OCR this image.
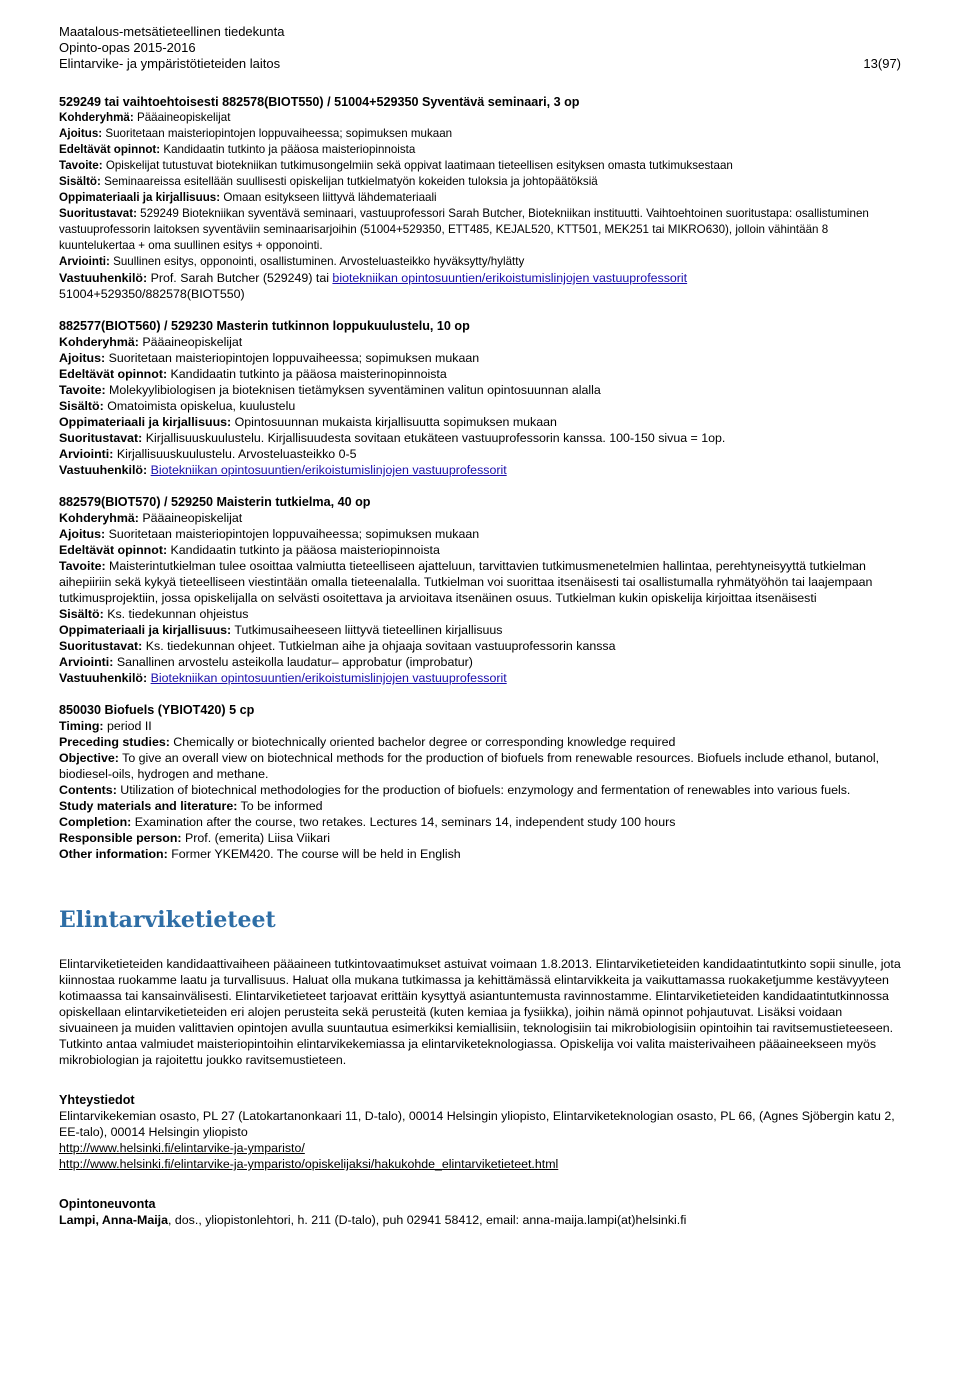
Maatalous-metsätieteellinen tiedekunta
Opinto-opas 2015-2016
Elintarvike- ja ympäristötieteiden laitos	13(97)

529249 tai vaihtoehtoisesti 882578(BIOT550) / 51004+529350 Syventävä seminaari, 3 op

Kohderyhmä: Pääaineopiskelijat

Ajoitus: Suoritetaan maisteriopintojen loppuvaiheessa; sopimuksen mukaan

Edeltävät opinnot: Kandidaatin tutkinto ja pääosa maisteriopinnoista

Tavoite: Opiskelijat tutustuvat biotekniikan tutkimusongelmiin sekä oppivat laatimaan tieteellisen esityksen omasta tutkimuksestaan

Sisältö: Seminaareissa esitellään suullisesti opiskelijan tutkielmatyön kokeiden tuloksia ja johtopäätöksiä

Oppimateriaali ja kirjallisuus: Omaan esitykseen liittyvä lähdemateriaali

Suoritustavat: 529249 Biotekniikan syventävä seminaari, vastuuprofessori Sarah Butcher, Biotekniikan instituutti. Vaihtoehtoinen suoritustapa: osallistuminen vastuuprofessorin laitoksen syventäviin seminaarisarjoihin (51004+529350, ETT485, KEJAL520, KTT501, MEK251 tai MIKRO630), jolloin vähintään 8 kuuntelukertaa + oma suullinen esitys + opponointi.

Arviointi: Suullinen esitys, opponointi, osallistuminen. Arvosteluasteikko hyväksytty/hylätty

Vastuuhenkilö: Prof. Sarah Butcher (529249) tai biotekniikan opintosuuntien/erikoistumislinjojen vastuuprofessorit

51004+529350/882578(BIOT550)

882577(BIOT560) / 529230 Masterin tutkinnon loppukuulustelu, 10 op

Kohderyhmä: Pääaineopiskelijat

Ajoitus: Suoritetaan maisteriopintojen loppuvaiheessa; sopimuksen mukaan

Edeltävät opinnot: Kandidaatin tutkinto ja pääosa maisterinopinnoista

Tavoite: Molekyylibiologisen ja bioteknisen tietämyksen syventäminen valitun opintosuunnan alalla

Sisältö: Omatoimista opiskelua, kuulustelu

Oppimateriaali ja kirjallisuus: Opintosuunnan mukaista kirjallisuutta sopimuksen mukaan

Suoritustavat: Kirjallisuuskuulustelu. Kirjallisuudesta sovitaan etukäteen vastuuprofessorin kanssa. 100-150 sivua = 1op.

Arviointi: Kirjallisuuskuulustelu. Arvosteluasteikko 0-5

Vastuuhenkilö: Biotekniikan opintosuuntien/erikoistumislinjojen vastuuprofessorit

882579(BIOT570) / 529250 Maisterin tutkielma, 40 op

Kohderyhmä: Pääaineopiskelijat

Ajoitus: Suoritetaan maisteriopintojen loppuvaiheessa; sopimuksen mukaan

Edeltävät opinnot: Kandidaatin tutkinto ja pääosa maisteriopinnoista

Tavoite: Maisterintutkielman tulee osoittaa valmiutta tieteelliseen ajatteluun, tarvittavien tutkimusmenetelmien hallintaa, perehtyneisyyttä tutkielman aihepiiriin sekä kykyä tieteelliseen viestintään omalla tieteenalalla. Tutkielman voi suorittaa itsenäisesti tai osallistumalla ryhmätyöhön tai laajempaan tutkimusprojektiin, jossa opiskelijalla on selvästi osoitettava ja arvioitava itsenäinen osuus. Tutkielman kukin opiskelija kirjoittaa itsenäisesti

Sisältö: Ks. tiedekunnan ohjeistus

Oppimateriaali ja kirjallisuus: Tutkimusaiheeseen liittyvä tieteellinen kirjallisuus

Suoritustavat: Ks. tiedekunnan ohjeet. Tutkielman aihe ja ohjaaja sovitaan vastuuprofessorin kanssa

Arviointi: Sanallinen arvostelu asteikolla laudatur– approbatur (improbatur)

Vastuuhenkilö: Biotekniikan opintosuuntien/erikoistumislinjojen vastuuprofessorit

850030 Biofuels (YBIOT420) 5 cp

Timing: period II

Preceding studies: Chemically or biotechnically oriented bachelor degree or corresponding knowledge required

Objective: To give an overall view on biotechnical methods for the production of biofuels from renewable resources. Biofuels include ethanol, butanol, biodiesel-oils, hydrogen and methane.

Contents: Utilization of biotechnical methodologies for the production of biofuels: enzymology and fermentation of renewables into various fuels.

Study materials and literature: To be informed

Completion: Examination after the course, two retakes. Lectures 14, seminars 14, independent study 100 hours

Responsible person: Prof. (emerita) Liisa Viikari

Other information: Former YKEM420. The course will be held in English

Elintarviketieteet

Elintarviketieteiden kandidaattivaiheen pääaineen tutkintovaatimukset astuivat voimaan 1.8.2013. Elintarviketieteiden kandidaatintutkinto sopii sinulle, jota kiinnostaa ruokamme laatu ja turvallisuus. Haluat olla mukana tutkimassa ja kehittämässä elintarvikkeita ja vaikuttamassa ruokaketjumme kestävyyteen kotimaassa tai kansainvälisesti. Elintarviketieteet tarjoavat erittäin kysyttyä asiantuntemusta ravinnostamme. Elintarviketieteiden kandidaatintutkinnossa opiskellaan elintarviketieteiden eri alojen perusteita sekä perusteitä (kuten kemiaa ja fysiikka), joihin nämä opinnot pohjautuvat. Lisäksi voidaan sivuaineen ja muiden valittavien opintojen avulla suuntautua esimerkiksi kemiallisiin, teknologisiin tai mikrobiologisiin opintoihin tai ravitsemustieteeseen. Tutkinto antaa valmiudet maisteriopintoihin elintarvikekemiassa ja elintarviketeknologiassa. Opiskelija voi valita maisterivaiheen pääaineekseen myös mikrobiologian ja rajoitettu joukko ravitsemustieteen.

Yhteystiedot

Elintarvikekemian osasto, PL 27 (Latokartanonkaari 11, D-talo), 00014 Helsingin yliopisto, Elintarviketeknologian osasto, PL 66, (Agnes Sjöbergin katu 2, EE-talo), 00014 Helsingin yliopisto

http://www.helsinki.fi/elintarvike-ja-ymparisto/

http://www.helsinki.fi/elintarvike-ja-ymparisto/opiskelijaksi/hakukohde_elintarviketieteet.html

Opintoneuvonta

Lampi, Anna-Maija, dos., yliopistonlehtori, h. 211 (D-talo), puh 02941 58412, email: anna-maija.lampi(at)helsinki.fi
